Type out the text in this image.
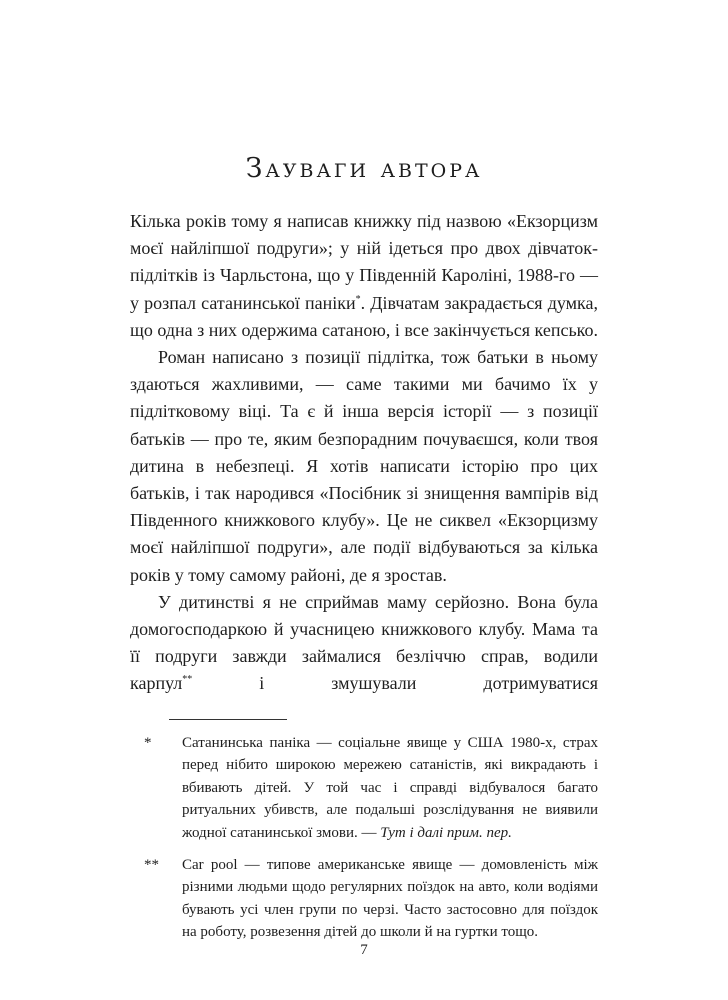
Зауваги автора

Кілька років тому я написав книжку під назвою «Екзорцизм моєї найліпшої подруги»; у ній ідеться про двох дівчаток-підлітків із Чарльстона, що у Південній Кароліні, 1988-го — у розпал сатанинської паніки*. Дівчатам закрадається думка, що одна з них одержима сатаною, і все закінчується кепсько.

Роман написано з позиції підлітка, тож батьки в ньому здаються жахливими, — саме такими ми бачимо їх у підлітковому віці. Та є й інша версія історії — з позиції батьків — про те, яким безпорадним почуваєшся, коли твоя дитина в небезпеці. Я хотів написати історію про цих батьків, і так народився «Посібник зі знищення вампірів від Південного книжкового клубу». Це не сиквел «Екзорцизму моєї найліпшої подруги», але події відбуваються за кілька років у тому самому районі, де я зростав.

У дитинстві я не сприймав маму серйозно. Вона була домогосподаркою й учасницею книжкового клубу. Мама та її подруги завжди займалися безліччю справ, водили карпул** і змушували дотримуватися

*	Сатанинська паніка — соціальне явище у США 1980-х, страх перед нібито широкою мережею сатаністів, які викрадають і вбивають дітей. У той час і справді відбувалося багато ритуальних убивств, але подальші розслідування не виявили жодної сатанинської змови. — Тут і далі прим. пер.
**	Car pool — типове американське явище — домовленість між різними людьми щодо регулярних поїздок на авто, коли водіями бувають усі член групи по черзі. Часто застосовно для поїздок на роботу, розвезення дітей до школи й на гуртки тощо.
7
